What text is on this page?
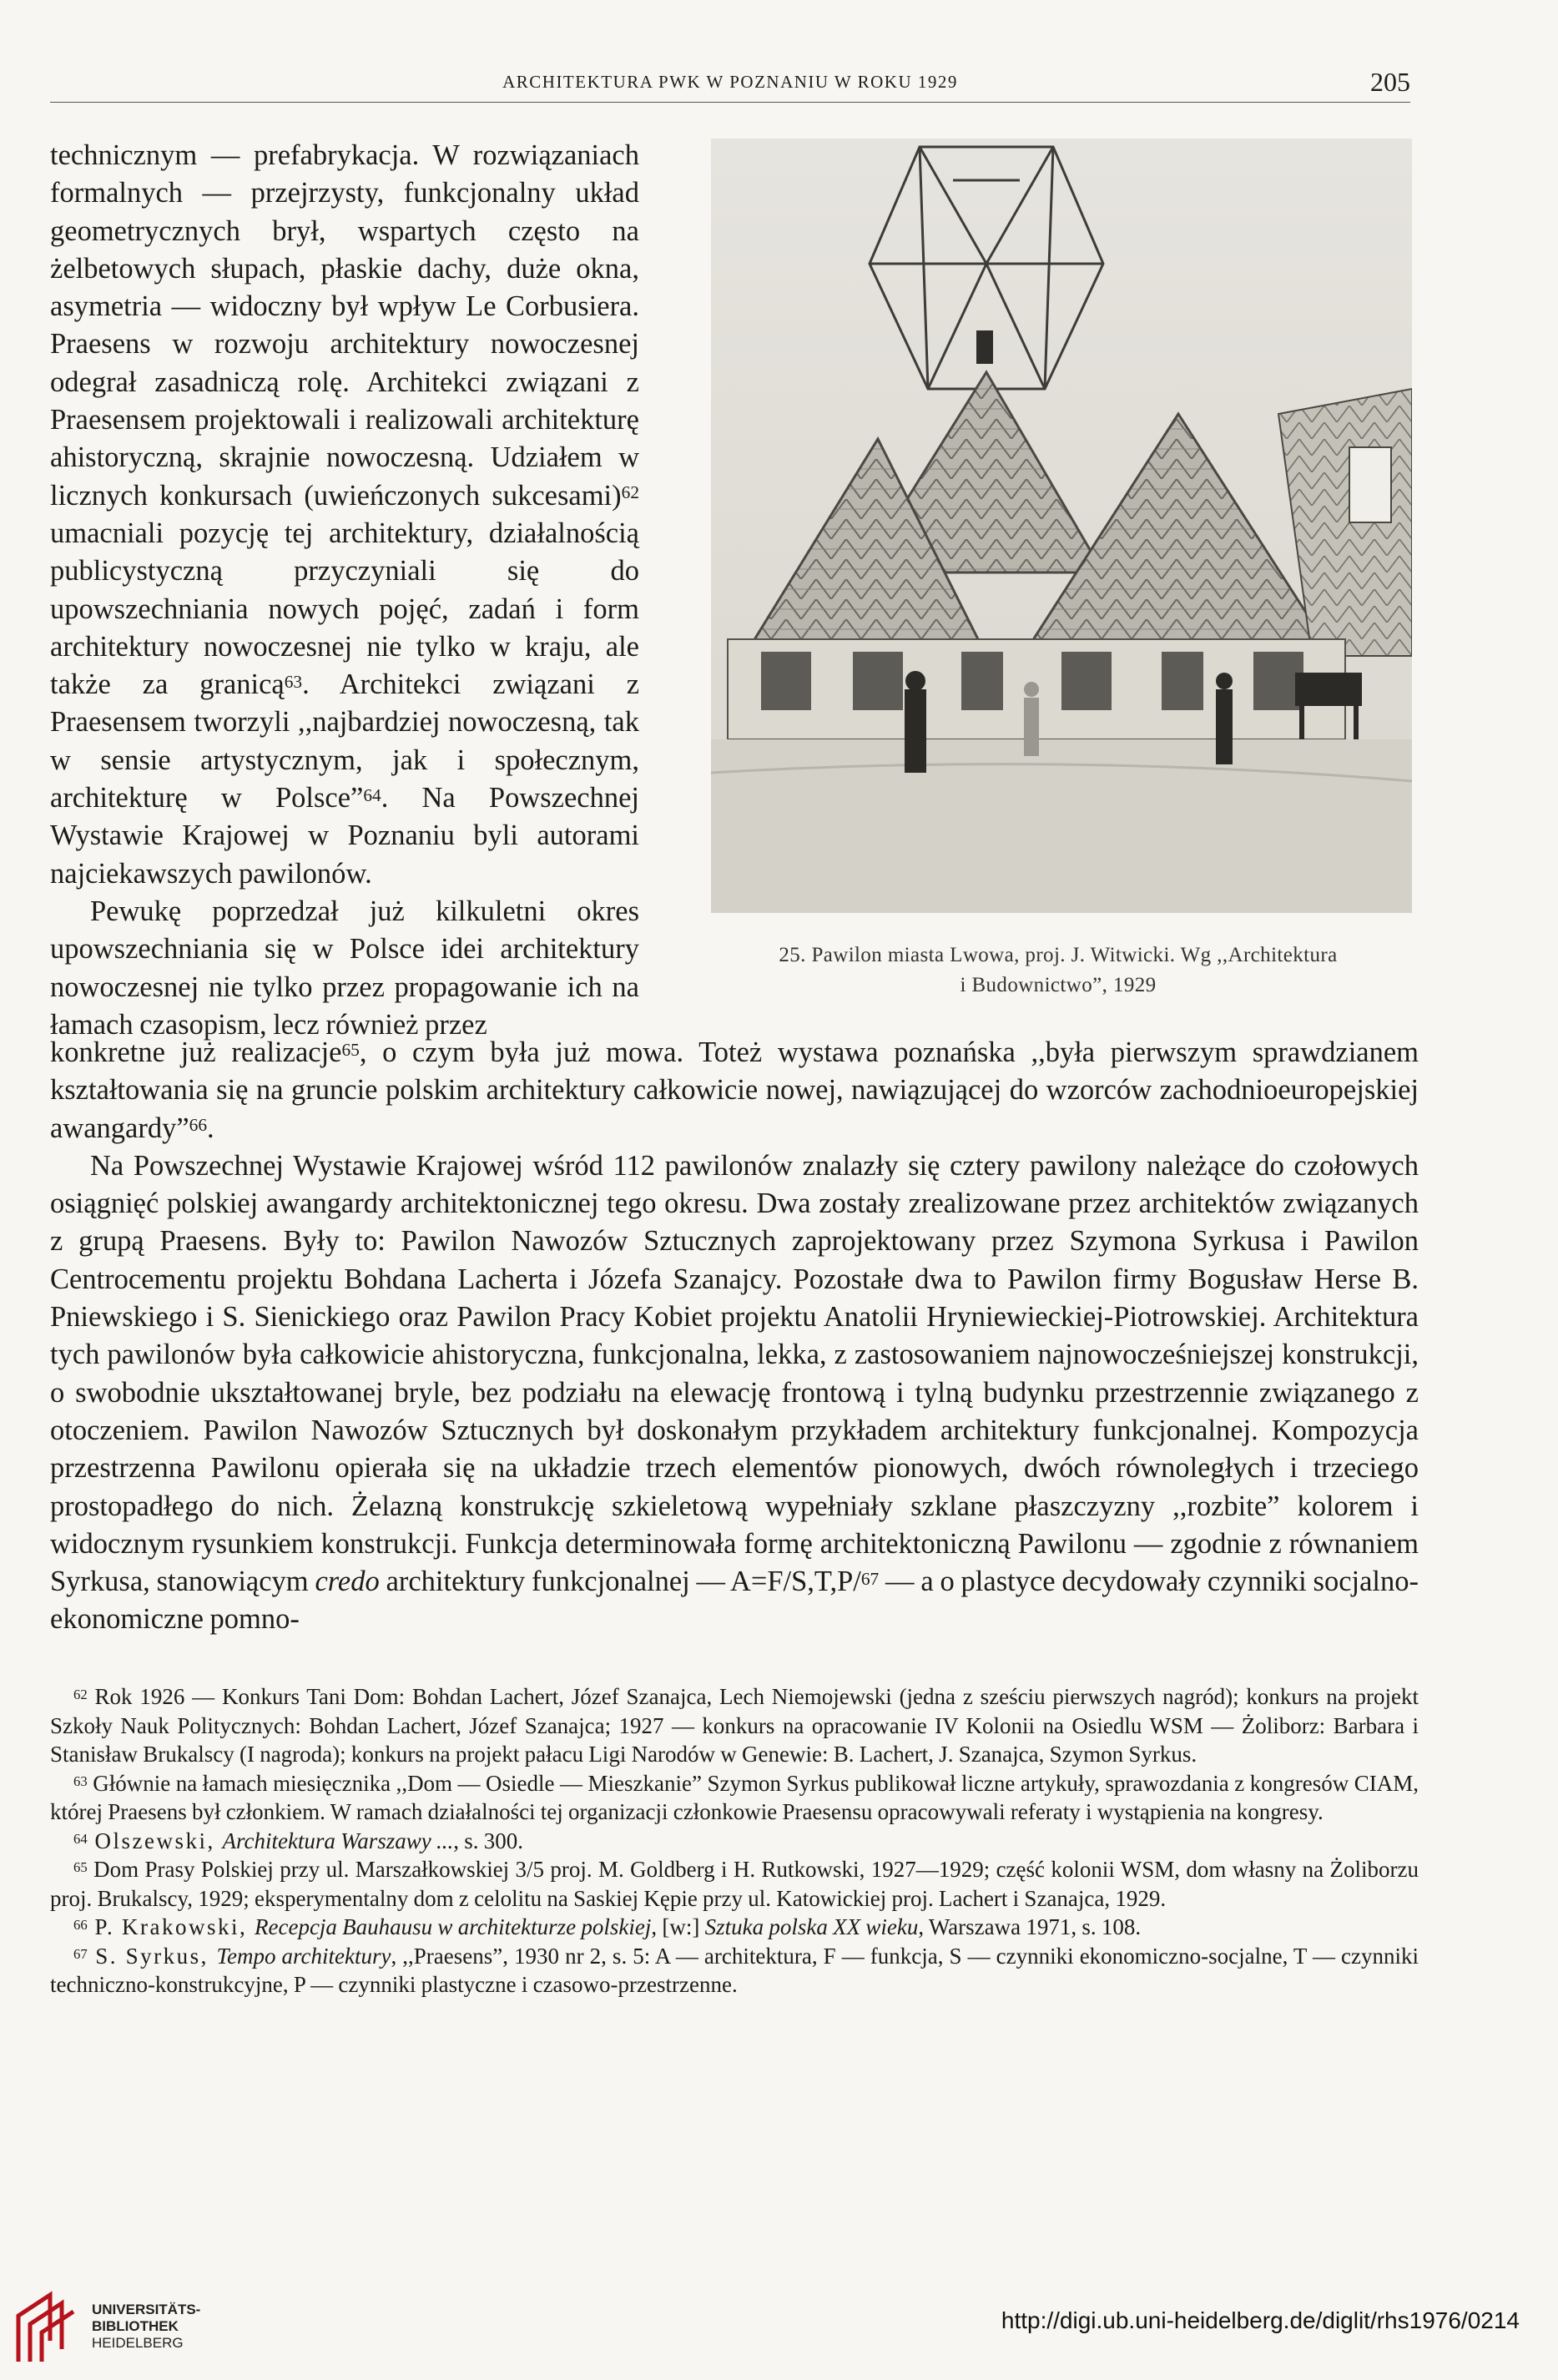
ARCHITEKTURA PWK W POZNANIU W ROKU 1929	205

technicznym — prefabrykacja. W rozwiązaniach formalnych — przejrzysty, funkcjonalny układ geometrycznych brył, wspartych często na żelbetowych słupach, płaskie dachy, duże okna, asymetria — widoczny był wpływ Le Corbusiera. Praesens w rozwoju architektury nowoczesnej odegrał zasadniczą rolę. Architekci związani z Praesensem projektowali i realizowali architekturę ahistoryczną, skrajnie nowoczesną. Udziałem w licznych konkursach (uwieńczonych sukcesami)$^{62}$ umacniali pozycję tej architektury, działalnością publicystyczną przyczyniali się do upowszechniania nowych pojęć, zadań i form architektury nowoczesnej nie tylko w kraju, ale także za granicą$^{63}$. Architekci związani z Praesensem tworzyli ,,najbardziej nowoczesną, tak w sensie artystycznym, jak i społecznym, architekturę w Polsce”$^{64}$. Na Powszechnej Wystawie Krajowej w Poznaniu byli autorami najciekawszych pawilonów.

Pewukę poprzedzał już kilkuletni okres upowszechniania się w Polsce idei architektury nowoczesnej nie tylko przez propagowanie ich na łamach czasopism, lecz również przez

25. Pawilon miasta Lwowa, proj. J. Witwicki. Wg ,,Architektura
i Budownictwo”, 1929

konkretne już realizacje$^{65}$, o czym była już mowa. Toteż wystawa poznańska ,,była pierwszym sprawdzianem kształtowania się na gruncie polskim architektury całkowicie nowej, nawiązującej do wzorców zachodnioeuropejskiej awangardy”$^{66}$.

Na Powszechnej Wystawie Krajowej wśród 112 pawilonów znalazły się cztery pawilony należące do czołowych osiągnięć polskiej awangardy architektonicznej tego okresu. Dwa zostały zrealizowane przez architektów związanych z grupą Praesens. Były to: Pawilon Nawozów Sztucznych zaprojektowany przez Szymona Syrkusa i Pawilon Centrocementu projektu Bohdana Lacherta i Józefa Szanajcy. Pozostałe dwa to Pawilon firmy Bogusław Herse B. Pniewskiego i S. Sienickiego oraz Pawilon Pracy Kobiet projektu Anatolii Hryniewieckiej-Piotrowskiej. Architektura tych pawilonów była całkowicie ahistoryczna, funkcjonalna, lekka, z zastosowaniem najnowocześniejszej konstrukcji, o swobodnie ukształtowanej bryle, bez podziału na elewację frontową i tylną budynku przestrzennie związanego z otoczeniem. Pawilon Nawozów Sztucznych był doskonałym przykładem architektury funkcjonalnej. Kompozycja przestrzenna Pawilonu opierała się na układzie trzech elementów pionowych, dwóch równoległych i trzeciego prostopadłego do nich. Żelazną konstrukcję szkieletową wypełniały szklane płaszczyzny ,,rozbite” kolorem i widocznym rysunkiem konstrukcji. Funkcja determinowała formę architektoniczną Pawilonu — zgodnie z równaniem Syrkusa, stanowiącym credo architektury funkcjonalnej — A=F/S,T,P/$^{67}$ — a o plastyce decydowały czynniki socjalno-ekonomiczne pomno-

$^{62}$ Rok 1926 — Konkurs Tani Dom: Bohdan Lachert, Józef Szanajca, Lech Niemojewski (jedna z sześciu pierwszych nagród); konkurs na projekt Szkoły Nauk Politycznych: Bohdan Lachert, Józef Szanajca; 1927 — konkurs na opracowanie IV Kolonii na Osiedlu WSM — Żoliborz: Barbara i Stanisław Brukalscy (I nagroda); konkurs na projekt pałacu Ligi Narodów w Genewie: B. Lachert, J. Szanajca, Szymon Syrkus.

$^{63}$ Głównie na łamach miesięcznika ,,Dom — Osiedle — Mieszkanie” Szymon Syrkus publikował liczne artykuły, sprawozdania z kongresów CIAM, której Praesens był członkiem. W ramach działalności tej organizacji członkowie Praesensu opracowywali referaty i wystąpienia na kongresy.

$^{64}$ Olszewski, Architektura Warszawy ..., s. 300.

$^{65}$ Dom Prasy Polskiej przy ul. Marszałkowskiej 3/5 proj. M. Goldberg i H. Rutkowski, 1927—1929; część kolonii WSM, dom własny na Żoliborzu proj. Brukalscy, 1929; eksperymentalny dom z celolitu na Saskiej Kępie przy ul. Katowickiej proj. Lachert i Szanajca, 1929.

$^{66}$ P. Krakowski, Recepcja Bauhausu w architekturze polskiej, [w:] Sztuka polska XX wieku, Warszawa 1971, s. 108.

$^{67}$ S. Syrkus, Tempo architektury, ,,Praesens”, 1930 nr 2, s. 5: A — architektura, F — funkcja, S — czynniki ekonomiczno-socjalne, T — czynniki techniczno-konstrukcyjne, P — czynniki plastyczne i czasowo-przestrzenne.

UNIVERSITÄTS-
BIBLIOTHEK
HEIDELBERG
http://digi.ub.uni-heidelberg.de/diglit/rhs1976/0214
